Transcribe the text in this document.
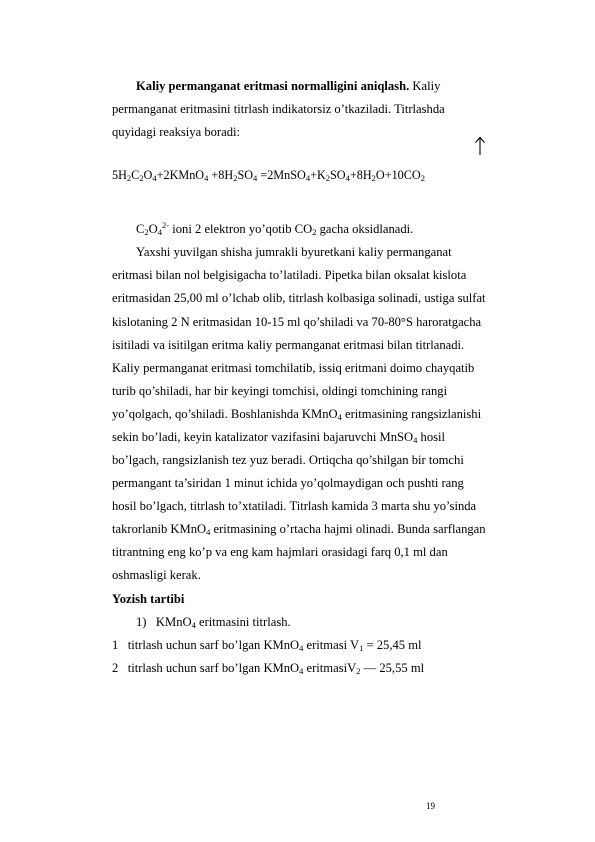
Kaliy permanganat eritmasi normalligini aniqlash. Kaliy
permanganat eritmasini titrlash indikatorsiz o’tkaziladi. Titrlashda
quyidagi reaksiya boradi:
$5H_2C_2O_4+2KMnO_4 +8H_2SO_4$ $=2MnSO_4+K_2SO_4+8H_2O+10CO_2$
$C_2O_4^{2-}$ ioni 2 elektron yo’qotib $CO_2$ gacha oksidlanadi.
Yaxshi yuvilgan shisha jumrakli byuretkani kaliy permanganat
eritmasi bilan nol belgisigacha to’latiladi. Pipetka bilan oksalat kislota
eritmasidan 25,00 ml o’lchab olib, titrlash kolbasiga solinadi, ustiga sulfat
kislotaning 2 N eritmasidan 10-15 ml qo’shiladi va 70-80°S haroratgacha
isitiladi va isitilgan eritma kaliy permanganat eritmasi bilan titrlanadi.
Kaliy permanganat eritmasi tomchilatib, issiq eritmani doimo chayqatib
turib qo’shiladi, har bir keyingi tomchisi, oldingi tomchining rangi
yo’qolgach, qo’shiladi. Boshlanishda KMnO$_4$ eritmasining rangsizlanishi
sekin bo’ladi, keyin katalizator vazifasini bajaruvchi MnSO$_4$ hosil
bo’lgach, rangsizlanish tez yuz beradi. Ortiqcha qo’shilgan bir tomchi
permangant ta’siridan 1 minut ichida yo’qolmaydigan och pushti rang
hosil bo’lgach, titrlash to’xtatiladi. Titrlash kamida 3 marta shu yo’sinda
takrorlanib KMnO$_4$ eritmasining o’rtacha hajmi olinadi. Bunda sarflangan
titrantning eng ko’p va eng kam hajmlari orasidagi farq 0,1 ml dan
oshmasligi kerak.
Yozish tartibi
1)   KMnO$_4$ eritmasini titrlash.
1   titrlash uchun sarf bo’lgan KMnO$_4$ eritmasi $V_1 = 25,45$ ml
2   titrlash uchun sarf bo’lgan KMnO$_4$ eritmasiV$_2$ — 25,55 ml
19
